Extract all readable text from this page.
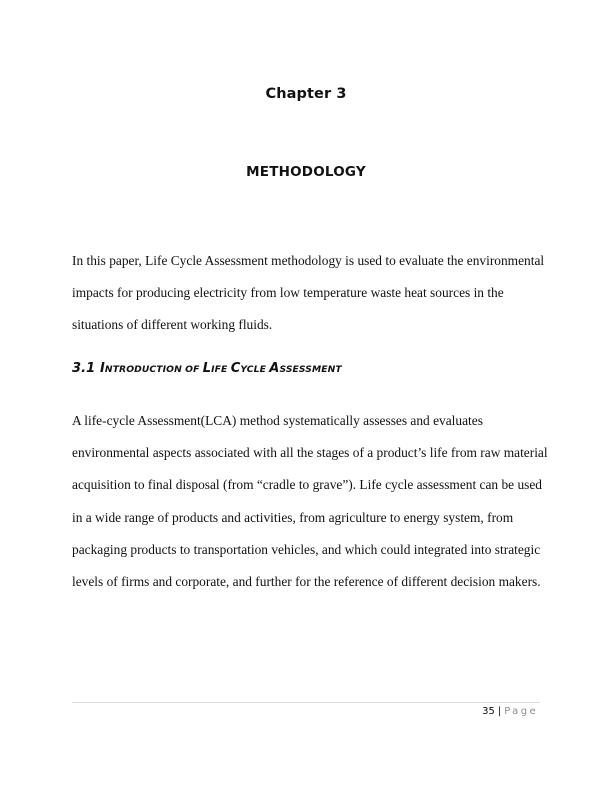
Chapter 3
METHODOLOGY

In this paper, Life Cycle Assessment methodology is used to evaluate the environmental impacts for producing electricity from low temperature waste heat sources in the situations of different working fluids.

3.1 INTRODUCTION OF LIFE CYCLE ASSESSMENT

A life-cycle Assessment(LCA) method systematically assesses and evaluates environmental aspects associated with all the stages of a product’s life from raw material acquisition to final disposal (from “cradle to grave”). Life cycle assessment can be used in a wide range of products and activities, from agriculture to energy system, from packaging products to transportation vehicles, and which could integrated into strategic levels of firms and corporate, and further for the reference of different decision makers.

35 | Page
